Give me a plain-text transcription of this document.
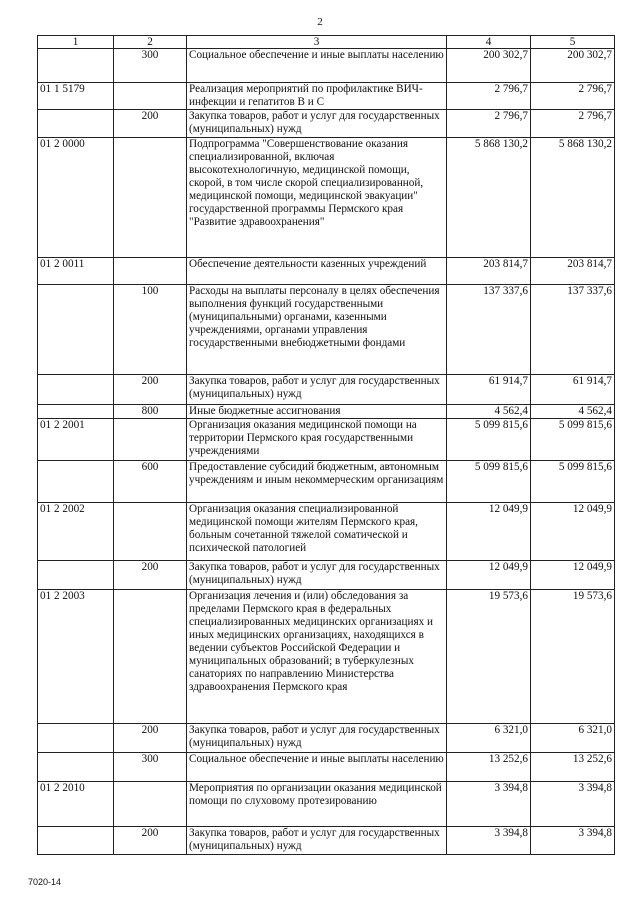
2
1	2	3	4	5
	300	Социальное обеспечение и иные выплаты населению	200 302,7	200 302,7
01 1 5179		Реализация мероприятий по профилактике ВИЧ-инфекции и гепатитов В и С	2 796,7	2 796,7
	200	Закупка товаров, работ и услуг для государственных (муниципальных) нужд	2 796,7	2 796,7
01 2 0000		Подпрограмма "Совершенствование оказания специализированной, включая высокотехнологичную, медицинской помощи, скорой, в том числе скорой специализированной, медицинской помощи, медицинской эвакуации" государственной программы Пермского края "Развитие здравоохранения"	5 868 130,2	5 868 130,2
01 2 0011		Обеспечение деятельности казенных учреждений	203 814,7	203 814,7
	100	Расходы на выплаты персоналу в целях обеспечения выполнения функций государственными (муниципальными) органами, казенными учреждениями, органами управления государственными внебюджетными фондами	137 337,6	137 337,6
	200	Закупка товаров, работ и услуг для государственных (муниципальных) нужд	61 914,7	61 914,7
	800	Иные бюджетные ассигнования	4 562,4	4 562,4
01 2 2001		Организация оказания медицинской помощи на территории Пермского края государственными учреждениями	5 099 815,6	5 099 815,6
	600	Предоставление субсидий бюджетным, автономным учреждениям и иным некоммерческим организациям	5 099 815,6	5 099 815,6
01 2 2002		Организация оказания специализированной медицинской помощи жителям Пермского края, больным сочетанной тяжелой соматической и психической патологией	12 049,9	12 049,9
	200	Закупка товаров, работ и услуг для государственных (муниципальных) нужд	12 049,9	12 049,9
01 2 2003		Организация лечения и (или) обследования за пределами Пермского края в федеральных специализированных медицинских организациях и иных медицинских организациях, находящихся в ведении субъектов Российской Федерации и муниципальных образований; в туберкулезных санаториях по направлению Министерства здравоохранения Пермского края	19 573,6	19 573,6
	200	Закупка товаров, работ и услуг для государственных (муниципальных) нужд	6 321,0	6 321,0
	300	Социальное обеспечение и иные выплаты населению	13 252,6	13 252,6
01 2 2010		Мероприятия по организации оказания медицинской помощи по слуховому протезированию	3 394,8	3 394,8
	200	Закупка товаров, работ и услуг для государственных (муниципальных) нужд	3 394,8	3 394,8
7020-14
